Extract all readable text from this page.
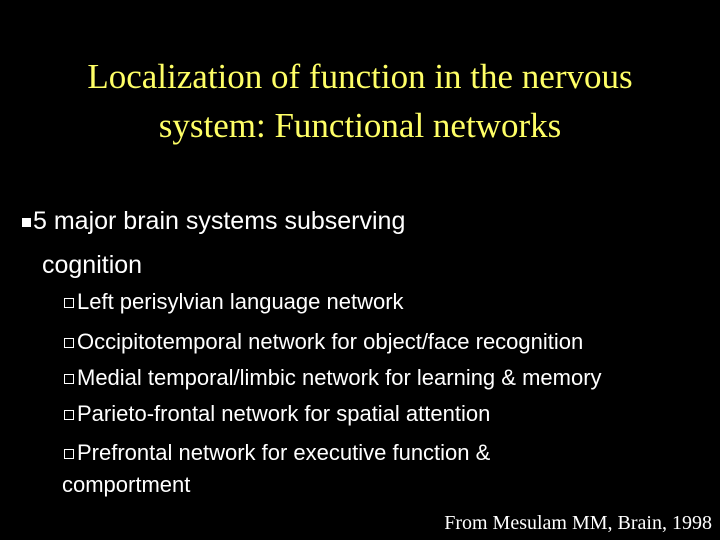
Localization of function in the nervous
system: Functional networks
5 major brain systems subserving
cognition
Left perisylvian language network
Occipitotemporal network for object/face recognition
Medial temporal/limbic network for learning & memory
Parieto-frontal network for spatial attention
Prefrontal network for executive function &
comportment
From Mesulam MM, Brain, 1998
